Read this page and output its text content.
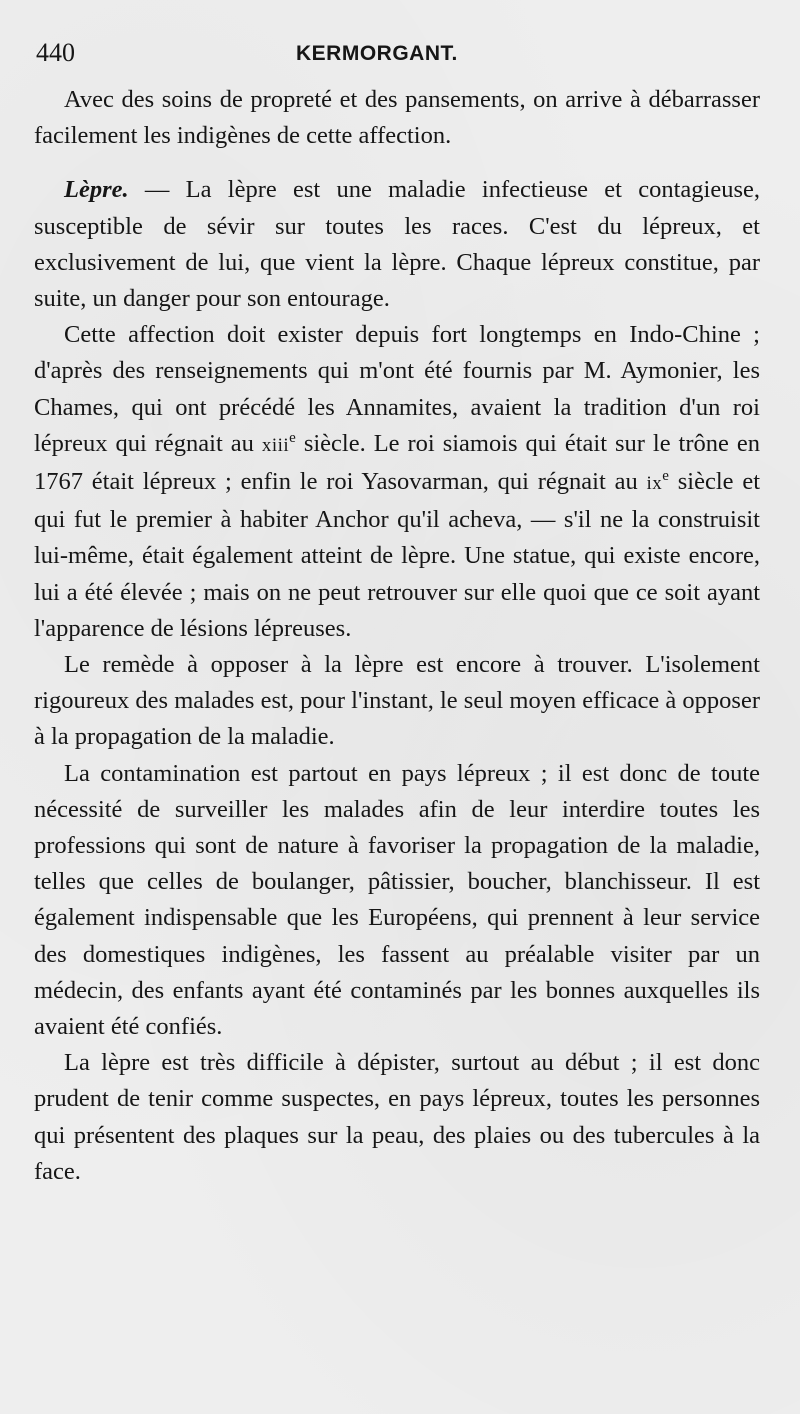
440	KERMORGANT.

Avec des soins de propreté et des pansements, on arrive à débarrasser facilement les indigènes de cette affection.

Lèpre. — La lèpre est une maladie infectieuse et contagieuse, susceptible de sévir sur toutes les races. C'est du lépreux, et exclusivement de lui, que vient la lèpre. Chaque lépreux constitue, par suite, un danger pour son entourage.

Cette affection doit exister depuis fort longtemps en Indo-Chine ; d'après des renseignements qui m'ont été fournis par M. Aymonier, les Chames, qui ont précédé les Annamites, avaient la tradition d'un roi lépreux qui régnait au xiii$^e$ siècle. Le roi siamois qui était sur le trône en 1767 était lépreux ; enfin le roi Yasovarman, qui régnait au $ix^e$ siècle et qui fut le premier à habiter Anchor qu'il acheva, — s'il ne la construisit lui-même, était également atteint de lèpre. Une statue, qui existe encore, lui a été élevée ; mais on ne peut retrouver sur elle quoi que ce soit ayant l'apparence de lésions lépreuses.

Le remède à opposer à la lèpre est encore à trouver. L'isolement rigoureux des malades est, pour l'instant, le seul moyen efficace à opposer à la propagation de la maladie.

La contamination est partout en pays lépreux ; il est donc de toute nécessité de surveiller les malades afin de leur interdire toutes les professions qui sont de nature à favoriser la propagation de la maladie, telles que celles de boulanger, pâtissier, boucher, blanchisseur. Il est également indispensable que les Européens, qui prennent à leur service des domestiques indigènes, les fassent au préalable visiter par un médecin, des enfants ayant été contaminés par les bonnes auxquelles ils avaient été confiés.

La lèpre est très difficile à dépister, surtout au début ; il est donc prudent de tenir comme suspectes, en pays lépreux, toutes les personnes qui présentent des plaques sur la peau, des plaies ou des tubercules à la face.
